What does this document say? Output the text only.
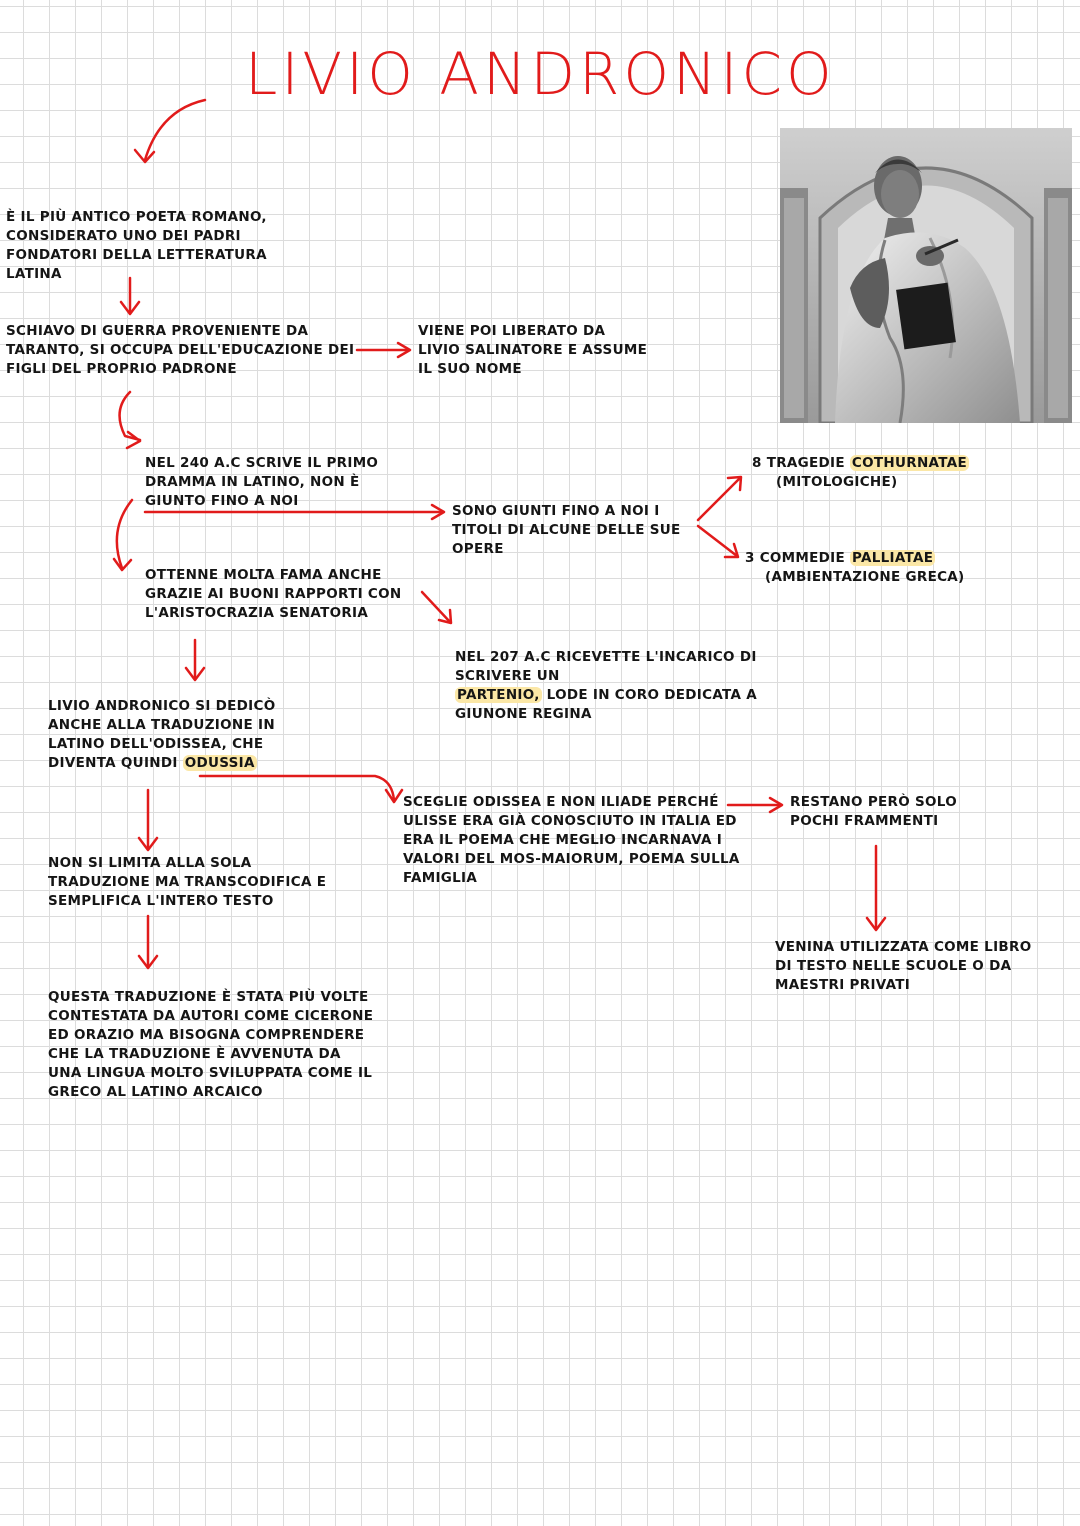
LIVIO ANDRONICO
È IL PIÙ ANTICO POETA ROMANO, CONSIDERATO UNO DEI PADRI FONDATORI DELLA LETTERATURA LATINA
SCHIAVO DI GUERRA PROVENIENTE DA TARANTO, SI OCCUPA DELL'EDUCAZIONE DEI FIGLI DEL PROPRIO PADRONE
VIENE POI LIBERATO DA LIVIO SALINATORE E ASSUME IL SUO NOME
NEL 240 A.C SCRIVE IL PRIMO DRAMMA IN LATINO, NON È GIUNTO FINO A NOI
SONO GIUNTI FINO A NOI I TITOLI DI ALCUNE DELLE SUE OPERE
8 TRAGEDIE COTHURNATAE
(MITOLOGICHE)
3 COMMEDIE PALLIATAE
(AMBIENTAZIONE GRECA)
OTTENNE MOLTA FAMA ANCHE GRAZIE AI BUONI RAPPORTI CON L'ARISTOCRAZIA SENATORIA
NEL 207 A.C RICEVETTE L'INCARICO DI SCRIVERE UN
PARTENIO, LODE IN CORO DEDICATA A GIUNONE REGINA
LIVIO ANDRONICO SI DEDICÒ ANCHE ALLA TRADUZIONE IN LATINO DELL'ODISSEA, CHE DIVENTA QUINDI ODUSSIA
SCEGLIE ODISSEA E NON ILIADE PERCHÉ ULISSE ERA GIÀ CONOSCIUTO IN ITALIA ED ERA IL POEMA CHE MEGLIO INCARNAVA I VALORI DEL MOS-MAIORUM, POEMA SULLA FAMIGLIA
RESTANO PERÒ SOLO POCHI FRAMMENTI
VENINA UTILIZZATA COME LIBRO DI TESTO NELLE SCUOLE O DA MAESTRI PRIVATI
NON SI LIMITA ALLA SOLA TRADUZIONE MA TRANSCODIFICA E SEMPLIFICA L'INTERO TESTO
QUESTA TRADUZIONE È STATA PIÙ VOLTE CONTESTATA DA AUTORI COME CICERONE ED ORAZIO MA BISOGNA COMPRENDERE CHE LA TRADUZIONE È AVVENUTA DA UNA LINGUA MOLTO SVILUPPATA COME IL GRECO AL LATINO ARCAICO
